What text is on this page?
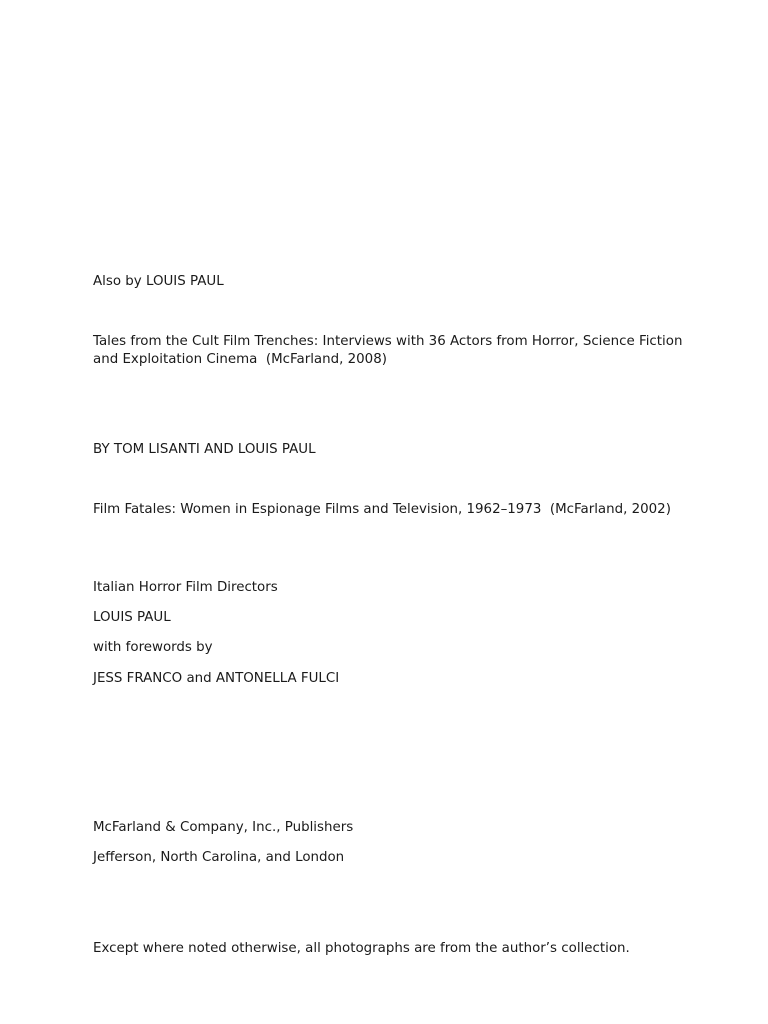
Also by LOUIS PAUL
Tales from the Cult Film Trenches: Interviews with 36 Actors from Horror, Science Fiction and Exploitation Cinema  (McFarland, 2008)
BY TOM LISANTI AND LOUIS PAUL
Film Fatales: Women in Espionage Films and Television, 1962–1973  (McFarland, 2002)
Italian Horror Film Directors
LOUIS PAUL
with forewords by
JESS FRANCO and ANTONELLA FULCI
McFarland & Company, Inc., Publishers
Jefferson, North Carolina, and London
Except where noted otherwise, all photographs are from the author’s collection.
